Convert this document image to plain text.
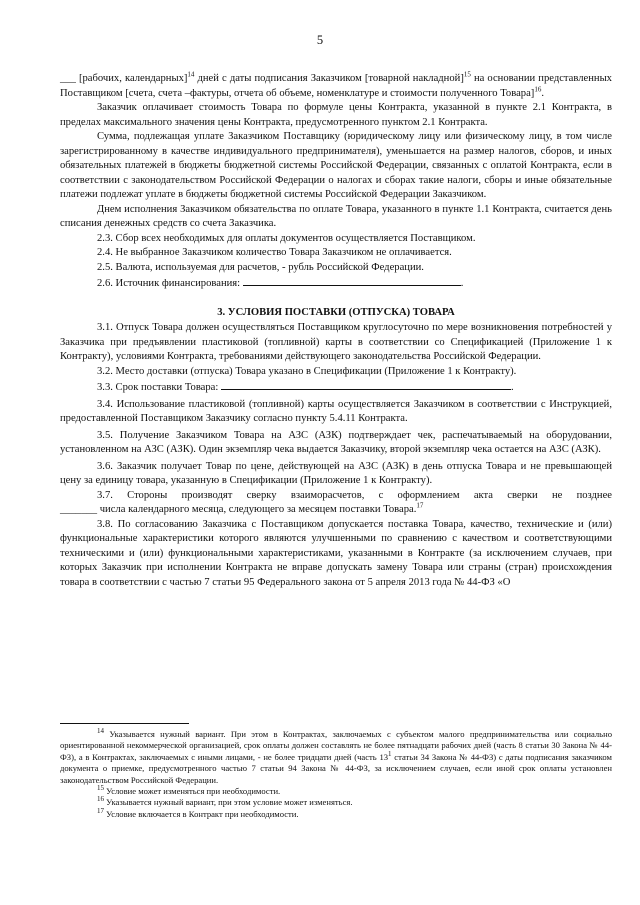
5
___ [рабочих, календарных]$^{14}$ дней с даты подписания Заказчиком [товарной накладной]$^{15}$ на основании представленных Поставщиком [счета, счета –фактуры, отчета об объеме, номенклатуре и стоимости полученного Товара]$^{16}$.
Заказчик оплачивает стоимость Товара по формуле цены Контракта, указанной в пункте 2.1 Контракта, в пределах максимального значения цены Контракта, предусмотренного пунктом 2.1 Контракта.
Сумма, подлежащая уплате Заказчиком Поставщику (юридическому лицу или физическому лицу, в том числе зарегистрированному в качестве индивидуального предпринимателя), уменьшается на размер налогов, сборов, и иных обязательных платежей в бюджеты бюджетной системы Российской Федерации, связанных с оплатой Контракта, если в соответствии с законодательством Российской Федерации о налогах и сборах такие налоги, сборы и иные обязательные платежи подлежат уплате в бюджеты бюджетной системы Российской Федерации Заказчиком.
Днем исполнения Заказчиком обязательства по оплате Товара, указанного в пункте 1.1 Контракта, считается день списания денежных средств со счета Заказчика.
2.3. Сбор всех необходимых для оплаты документов осуществляется Поставщиком.
2.4. Не выбранное Заказчиком количество Товара Заказчиком не оплачивается.
2.5. Валюта, используемая для расчетов, - рубль Российской Федерации.
2.6. Источник финансирования:	.
3. УСЛОВИЯ ПОСТАВКИ (ОТПУСКА) ТОВАРА
3.1. Отпуск Товара должен осуществляться Поставщиком круглосуточно по мере возникновения потребностей у Заказчика при предъявлении пластиковой (топливной) карты в соответствии со Спецификацией (Приложение 1 к Контракту), условиями Контракта, требованиями действующего законодательства Российской Федерации.
3.2. Место доставки (отпуска) Товара указано в Спецификации (Приложение 1 к Контракту).
3.3. Срок поставки Товара:	.
3.4. Использование пластиковой (топливной) карты осуществляется Заказчиком в соответствии с Инструкцией, предоставленной Поставщиком Заказчику согласно пункту 5.4.11 Контракта.
3.5. Получение Заказчиком Товара на АЗС (АЗК) подтверждает чек, распечатываемый на оборудовании, установленном на АЗС (АЗК). Один экземпляр чека выдается Заказчику, второй экземпляр чека остается на АЗС (АЗК).
3.6. Заказчик получает Товар по цене, действующей на АЗС (АЗК) в день отпуска Товара и не превышающей цену за единицу товара, указанную в Спецификации (Приложение 1 к Контракту).
3.7. Стороны производят сверку взаиморасчетов, с оформлением акта сверки не позднее
_______ числа календарного месяца, следующего за месяцем поставки Товара.$^{17}$
3.8. По согласованию Заказчика с Поставщиком допускается поставка Товара, качество, технические и (или) функциональные характеристики которого являются улучшенными по сравнению с качеством и соответствующими техническими и (или) функциональными характеристиками, указанными в Контракте (за исключением случаев, при которых Заказчик при исполнении Контракта не вправе допускать замену Товара или страны (стран) происхождения товара в соответствии с частью 7 статьи 95 Федерального закона от 5 апреля 2013 года № 44-ФЗ «О
$^{14}$ Указывается нужный вариант. При этом в Контрактах, заключаемых с субъектом малого предпринимательства или социально ориентированной некоммерческой организацией, срок оплаты должен составлять не более пятнадцати рабочих дней (часть 8 статьи 30 Закона № 44-ФЗ), а в Контрактах, заключаемых с иными лицами, - не более тридцати дней (часть $13^1$ статьи 34 Закона № 44-ФЗ) с даты подписания заказчиком документа о приемке, предусмотренного частью 7 статьи 94 Закона № 44-ФЗ, за исключением случаев, если иной срок оплаты установлен законодательством Российской Федерации.
$^{15}$ Условие может изменяться при необходимости.
$^{16}$ Указывается нужный вариант, при этом условие может изменяться.
$^{17}$ Условие включается в Контракт при необходимости.
